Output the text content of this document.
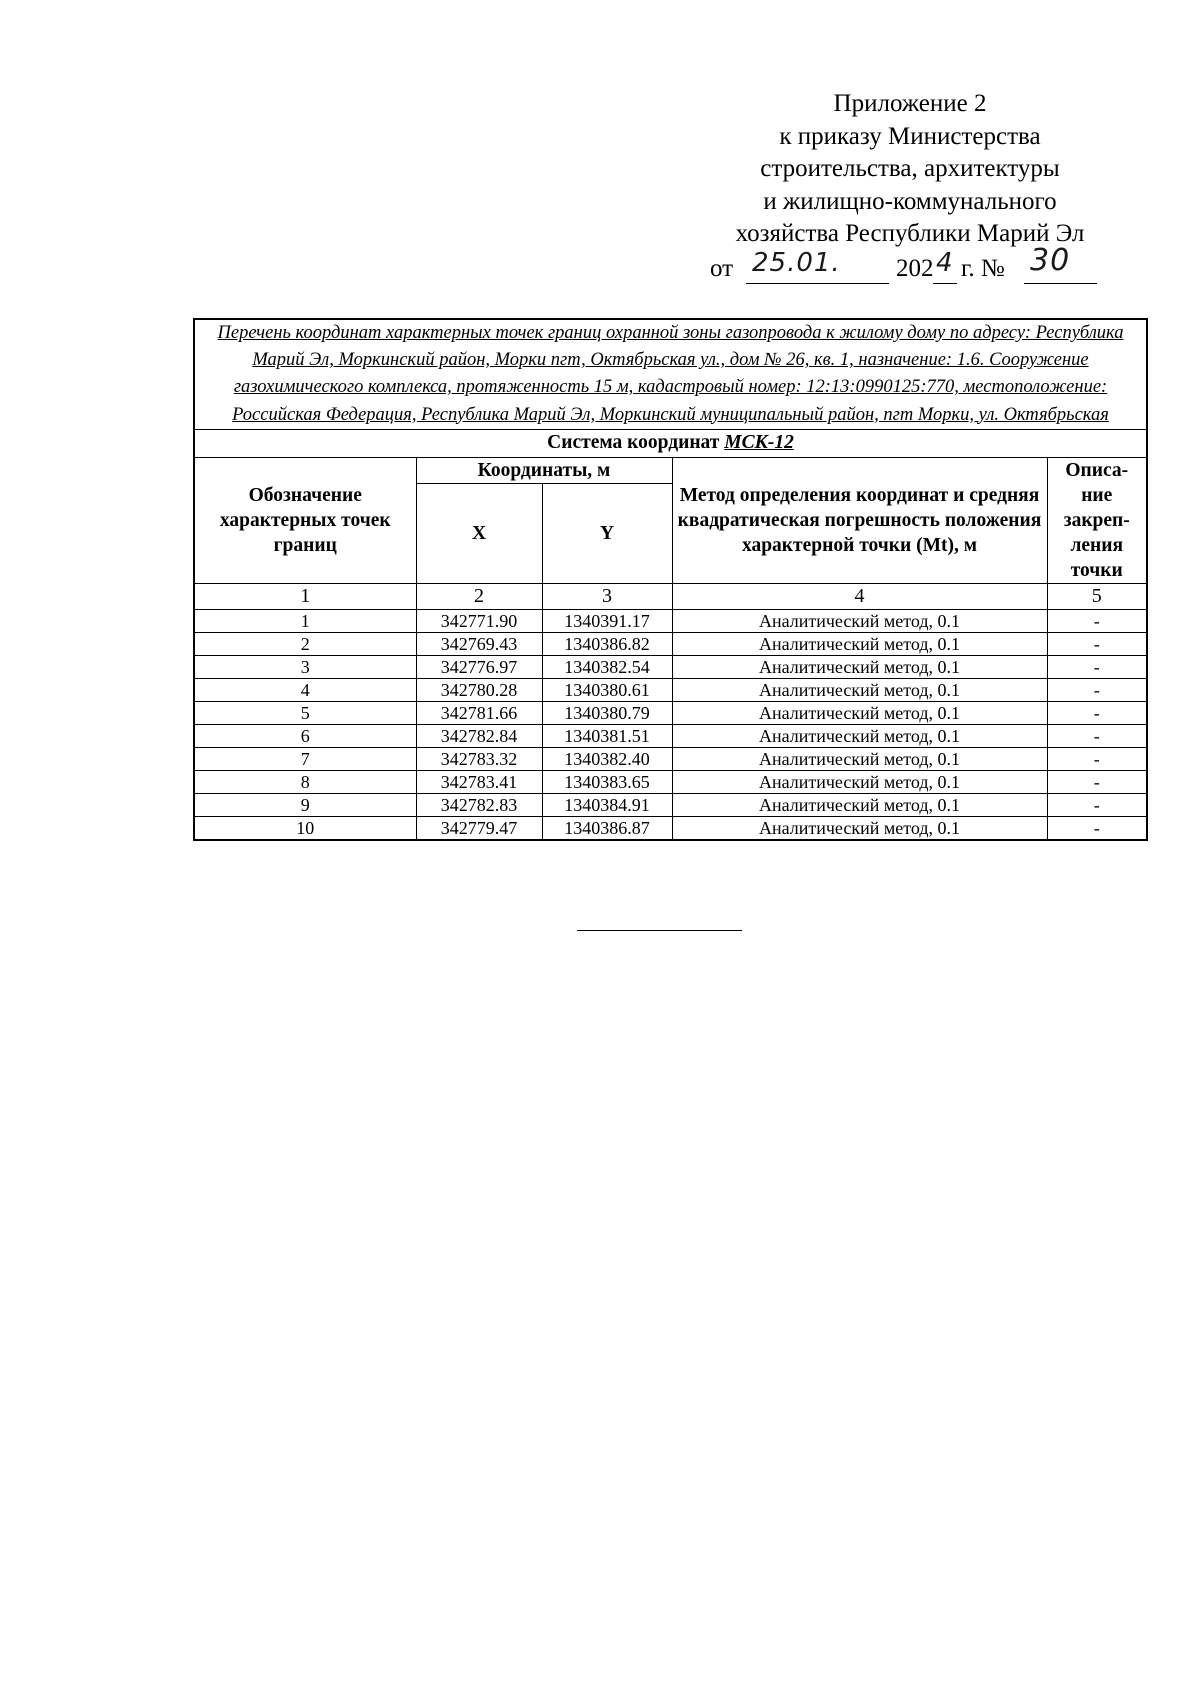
Приложение 2
к приказу Министерства
строительства, архитектуры
и жилищно-коммунального
хозяйства Республики Марий Эл
от 25.01. 202 4 г. № 30
Перечень координат характерных точек границ охранной зоны газопровода к жилому дому по адресу: Республика Марий Эл, Моркинский район, Морки пгт, Октябрьская ул., дом № 26, кв. 1, назначение: 1.6. Сооружение газохимического комплекса, протяженность 15 м, кадастровый номер: 12:13:0990125:770, местоположение: Российская Федерация, Республика Марий Эл, Моркинский муниципальный район, пгт Морки, ул. Октябрьская				
Система координат МСК-12				
Обозначение характерных точек границ	Координаты, м		Метод определения координат и средняя квадратическая погрешность положения характерной точки (Mt), м	Описа-ние закреп-ления точки
	X	Y		
1	2	3	4	5
1	342771.90	1340391.17	Аналитический метод, 0.1	-
2	342769.43	1340386.82	Аналитический метод, 0.1	-
3	342776.97	1340382.54	Аналитический метод, 0.1	-
4	342780.28	1340380.61	Аналитический метод, 0.1	-
5	342781.66	1340380.79	Аналитический метод, 0.1	-
6	342782.84	1340381.51	Аналитический метод, 0.1	-
7	342783.32	1340382.40	Аналитический метод, 0.1	-
8	342783.41	1340383.65	Аналитический метод, 0.1	-
9	342782.83	1340384.91	Аналитический метод, 0.1	-
10	342779.47	1340386.87	Аналитический метод, 0.1	-
